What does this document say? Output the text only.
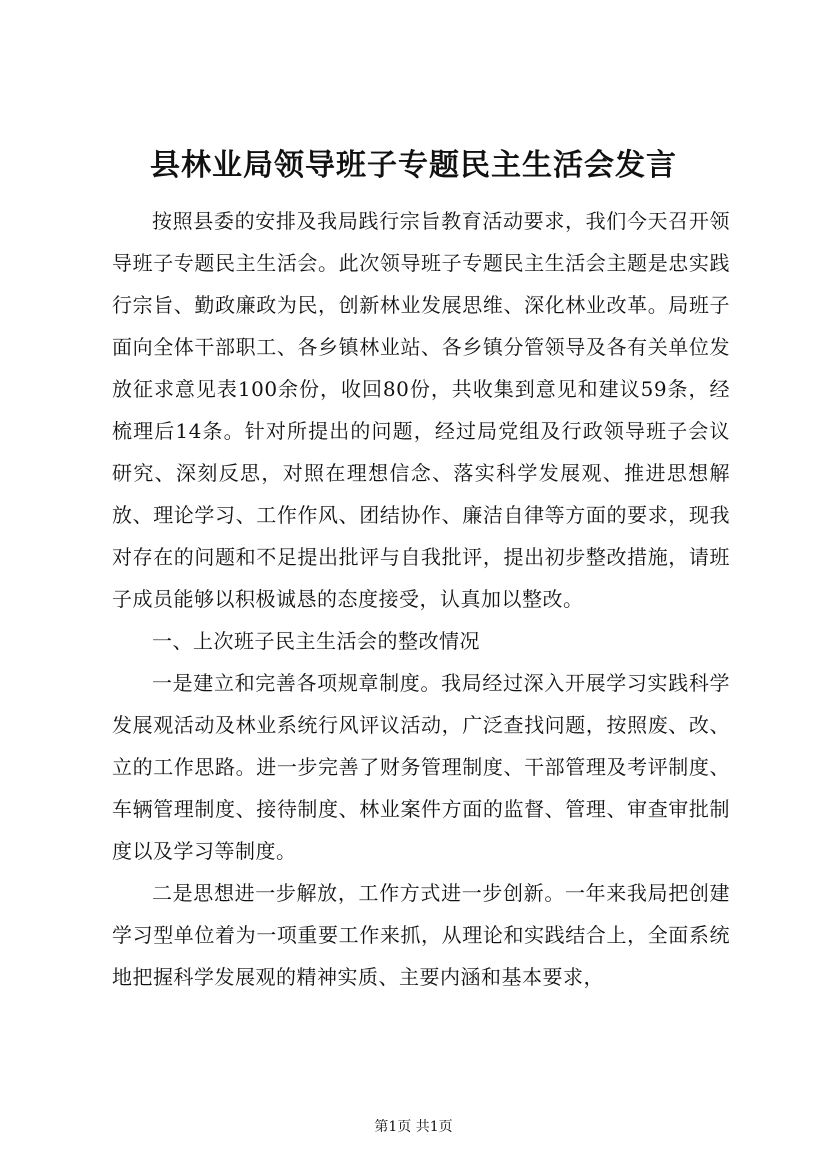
县林业局领导班子专题民主生活会发言

按照县委的安排及我局践行宗旨教育活动要求，我们今天召开领导班子专题民主生活会。此次领导班子专题民主生活会主题是忠实践行宗旨、勤政廉政为民，创新林业发展思维、深化林业改革。局班子面向全体干部职工、各乡镇林业站、各乡镇分管领导及各有关单位发放征求意见表100余份，收回80份，共收集到意见和建议59条，经梳理后14条。针对所提出的问题，经过局党组及行政领导班子会议研究、深刻反思，对照在理想信念、落实科学发展观、推进思想解放、理论学习、工作作风、团结协作、廉洁自律等方面的要求，现我对存在的问题和不足提出批评与自我批评，提出初步整改措施，请班子成员能够以积极诚恳的态度接受，认真加以整改。

一、上次班子民主生活会的整改情况

一是建立和完善各项规章制度。我局经过深入开展学习实践科学发展观活动及林业系统行风评议活动，广泛查找问题，按照废、改、立的工作思路。进一步完善了财务管理制度、干部管理及考评制度、车辆管理制度、接待制度、林业案件方面的监督、管理、审查审批制度以及学习等制度。

二是思想进一步解放，工作方式进一步创新。一年来我局把创建学习型单位着为一项重要工作来抓，从理论和实践结合上，全面系统地把握科学发展观的精神实质、主要内涵和基本要求，

第1页 共1页
